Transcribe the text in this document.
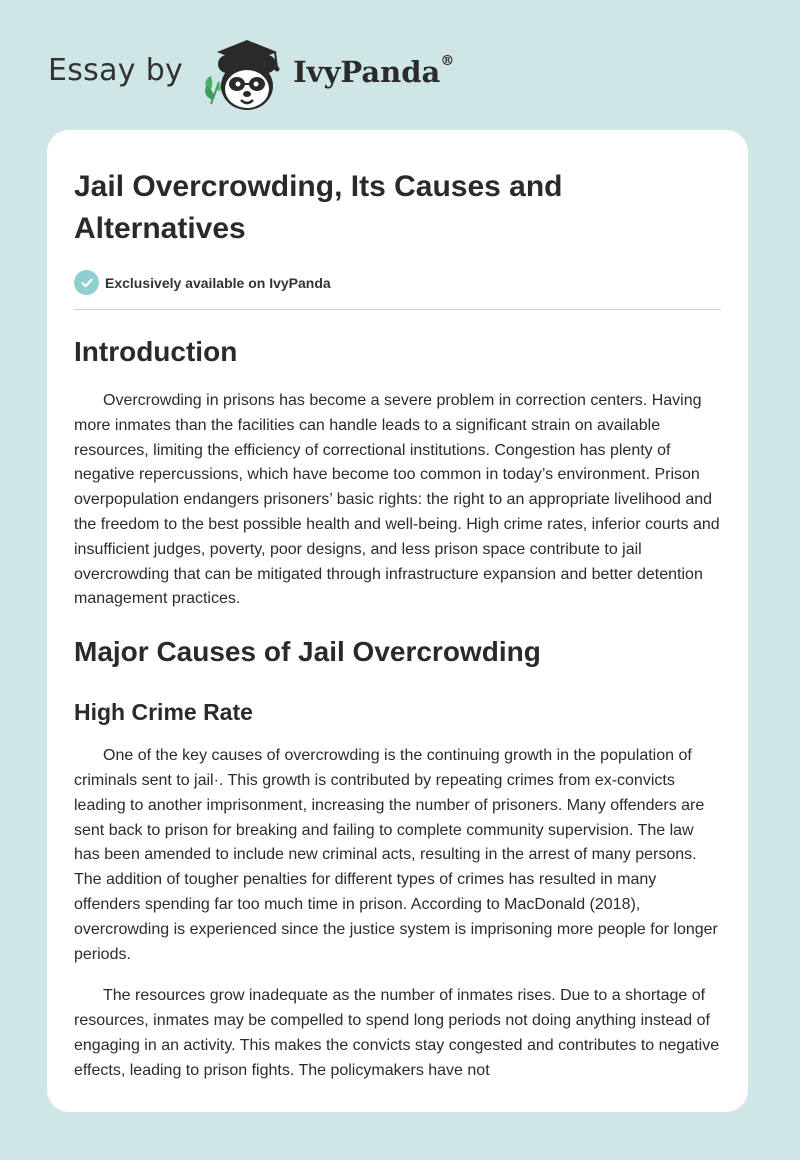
Essay by	IvyPanda®
Jail Overcrowding, Its Causes and Alternatives
Exclusively available on IvyPanda
Introduction

Overcrowding in prisons has become a severe problem in correction centers. Having more inmates than the facilities can handle leads to a significant strain on available resources, limiting the efficiency of correctional institutions. Congestion has plenty of negative repercussions, which have become too common in today’s environment. Prison overpopulation endangers prisoners’ basic rights: the right to an appropriate livelihood and the freedom to the best possible health and well-being. High crime rates, inferior courts and insufficient judges, poverty, poor designs, and less prison space contribute to jail overcrowding that can be mitigated through infrastructure expansion and better detention management practices.

Major Causes of Jail Overcrowding
High Crime Rate

One of the key causes of overcrowding is the continuing growth in the population of criminals sent to jail·. This growth is contributed by repeating crimes from ex-convicts leading to another imprisonment, increasing the number of prisoners. Many offenders are sent back to prison for breaking and failing to complete community supervision. The law has been amended to include new criminal acts, resulting in the arrest of many persons. The addition of tougher penalties for different types of crimes has resulted in many offenders spending far too much time in prison. According to MacDonald (2018), overcrowding is experienced since the justice system is imprisoning more people for longer periods.

The resources grow inadequate as the number of inmates rises. Due to a shortage of resources, inmates may be compelled to spend long periods not doing anything instead of engaging in an activity. This makes the convicts stay congested and contributes to negative effects, leading to prison fights. The policymakers have not
